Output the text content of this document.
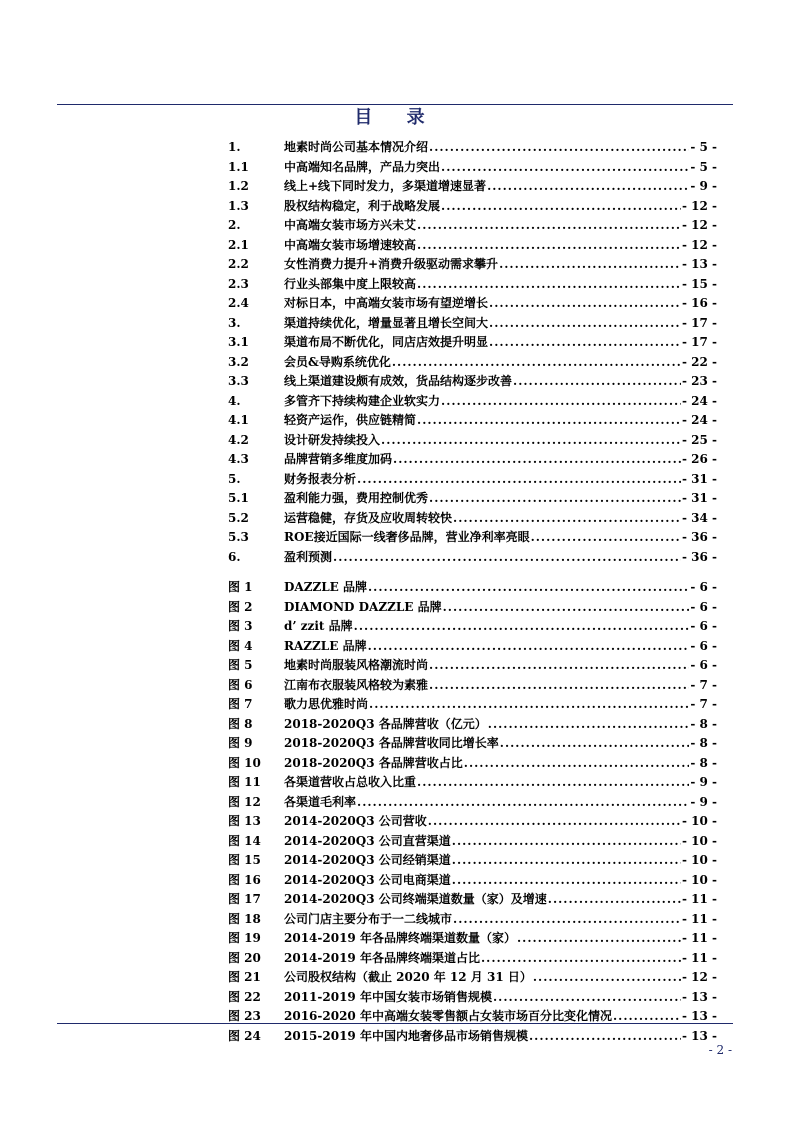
目 录
1.	地素时尚公司基本情况介绍 .....	- 5 -
1.1	中高端知名品牌，产品力突出 .....	- 5 -
1.2	线上+线下同时发力，多渠道增速显著 .....	- 9 -
1.3	股权结构稳定，利于战略发展 .....	- 12 -
2.	中高端女装市场方兴未艾 .....	- 12 -
2.1	中高端女装市场增速较高 .....	- 12 -
2.2	女性消费力提升+消费升级驱动需求攀升 .....	- 13 -
2.3	行业头部集中度上限较高 .....	- 15 -
2.4	对标日本，中高端女装市场有望逆增长 .....	- 16 -
3.	渠道持续优化，增量显著且增长空间大 .....	- 17 -
3.1	渠道布局不断优化，同店店效提升明显 .....	- 17 -
3.2	会员&导购系统优化 .....	- 22 -
3.3	线上渠道建设颇有成效，货品结构逐步改善 .....	- 23 -
4.	多管齐下持续构建企业软实力 .....	- 24 -
4.1	轻资产运作，供应链精简 .....	- 24 -
4.2	设计研发持续投入 .....	- 25 -
4.3	品牌营销多维度加码 .....	- 26 -
5.	财务报表分析 .....	- 31 -
5.1	盈利能力强，费用控制优秀 .....	- 31 -
5.2	运营稳健，存货及应收周转较快 .....	- 34 -
5.3	ROE接近国际一线奢侈品牌，营业净利率亮眼 .....	- 36 -
6.	盈利预测 .....	- 36 -
图 1	DAZZLE 品牌 .....	- 6 -
图 2	DIAMOND DAZZLE 品牌 .....	- 6 -
图 3	d’ zzit 品牌 .....	- 6 -
图 4	RAZZLE 品牌 .....	- 6 -
图 5	地素时尚服装风格潮流时尚 .....	- 6 -
图 6	江南布衣服装风格较为素雅 .....	- 7 -
图 7	歌力思优雅时尚 .....	- 7 -
图 8	2018-2020Q3 各品牌营收（亿元） .....	- 8 -
图 9	2018-2020Q3 各品牌营收同比增长率 .....	- 8 -
图 10	2018-2020Q3 各品牌营收占比 .....	- 8 -
图 11	各渠道营收占总收入比重 .....	- 9 -
图 12	各渠道毛利率 .....	- 9 -
图 13	2014-2020Q3 公司营收 .....	- 10 -
图 14	2014-2020Q3 公司直营渠道 .....	- 10 -
图 15	2014-2020Q3 公司经销渠道 .....	- 10 -
图 16	2014-2020Q3 公司电商渠道 .....	- 10 -
图 17	2014-2020Q3 公司终端渠道数量（家）及增速 .....	- 11 -
图 18	公司门店主要分布于一二线城市 .....	- 11 -
图 19	2014-2019 年各品牌终端渠道数量（家） .....	- 11 -
图 20	2014-2019 年各品牌终端渠道占比 .....	- 11 -
图 21	公司股权结构（截止 2020 年 12 月 31 日） .....	- 12 -
图 22	2011-2019 年中国女装市场销售规模 .....	- 13 -
图 23	2016-2020 年中高端女装零售额占女装市场百分比变化情况 .....	- 13 -
图 24	2015-2019 年中国内地奢侈品市场销售规模 .....	- 13 -
- 2 -
